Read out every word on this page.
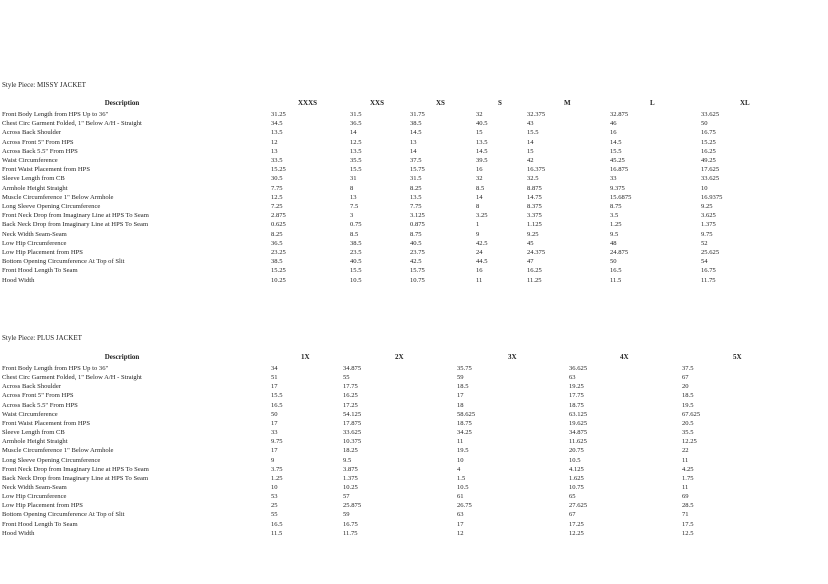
Style Piece: MISSY JACKET
Description	XXXS	XXS	XS	S	M	L	XL
Front Body Length from HPS Up to 36"	31.25	31.5	31.75	32	32.375	32.875	33.625
Chest Circ Garment Folded, 1" Below A/H - Straight	34.5	36.5	38.5	40.5	43	46	50
Across Back Shoulder	13.5	14	14.5	15	15.5	16	16.75
Across Front 5" From HPS	12	12.5	13	13.5	14	14.5	15.25
Across Back 5.5" From HPS	13	13.5	14	14.5	15	15.5	16.25
Waist Circumference	33.5	35.5	37.5	39.5	42	45.25	49.25
Front Waist Placement from HPS	15.25	15.5	15.75	16	16.375	16.875	17.625
Sleeve Length from CB	30.5	31	31.5	32	32.5	33	33.625
Armhole Height Straight	7.75	8	8.25	8.5	8.875	9.375	10
Muscle Circumference 1" Below Armhole	12.5	13	13.5	14	14.75	15.6875	16.9375
Long Sleeve Opening Circumference	7.25	7.5	7.75	8	8.375	8.75	9.25
Front Neck Drop from Imaginary Line at HPS To Seam	2.875	3	3.125	3.25	3.375	3.5	3.625
Back Neck Drop from Imaginary Line at HPS To Seam	0.625	0.75	0.875	1	1.125	1.25	1.375
Neck Width Seam-Seam	8.25	8.5	8.75	9	9.25	9.5	9.75
Low Hip Circumference	36.5	38.5	40.5	42.5	45	48	52
Low Hip Placement from HPS	23.25	23.5	23.75	24	24.375	24.875	25.625
Bottom Opening Circumference At Top of Slit	38.5	40.5	42.5	44.5	47	50	54
Front Hood Length To Seam	15.25	15.5	15.75	16	16.25	16.5	16.75
Hood Width	10.25	10.5	10.75	11	11.25	11.5	11.75
Style Piece: PLUS JACKET
Description	1X	2X	3X	4X	5X
Front Body Length from HPS Up to 36"	34	34.875	35.75	36.625	37.5
Chest Circ Garment Folded, 1" Below A/H - Straight	51	55	59	63	67
Across Back Shoulder	17	17.75	18.5	19.25	20
Across Front 5" From HPS	15.5	16.25	17	17.75	18.5
Across Back 5.5" From HPS	16.5	17.25	18	18.75	19.5
Waist Circumference	50	54.125	58.625	63.125	67.625
Front Waist Placement from HPS	17	17.875	18.75	19.625	20.5
Sleeve Length from CB	33	33.625	34.25	34.875	35.5
Armhole Height Straight	9.75	10.375	11	11.625	12.25
Muscle Circumference 1" Below Armhole	17	18.25	19.5	20.75	22
Long Sleeve Opening Circumference	9	9.5	10	10.5	11
Front Neck Drop from Imaginary Line at HPS To Seam	3.75	3.875	4	4.125	4.25
Back Neck Drop from Imaginary Line at HPS To Seam	1.25	1.375	1.5	1.625	1.75
Neck Width Seam-Seam	10	10.25	10.5	10.75	11
Low Hip Circumference	53	57	61	65	69
Low Hip Placement from HPS	25	25.875	26.75	27.625	28.5
Bottom Opening Circumference At Top of Slit	55	59	63	67	71
Front Hood Length To Seam	16.5	16.75	17	17.25	17.5
Hood Width	11.5	11.75	12	12.25	12.5
